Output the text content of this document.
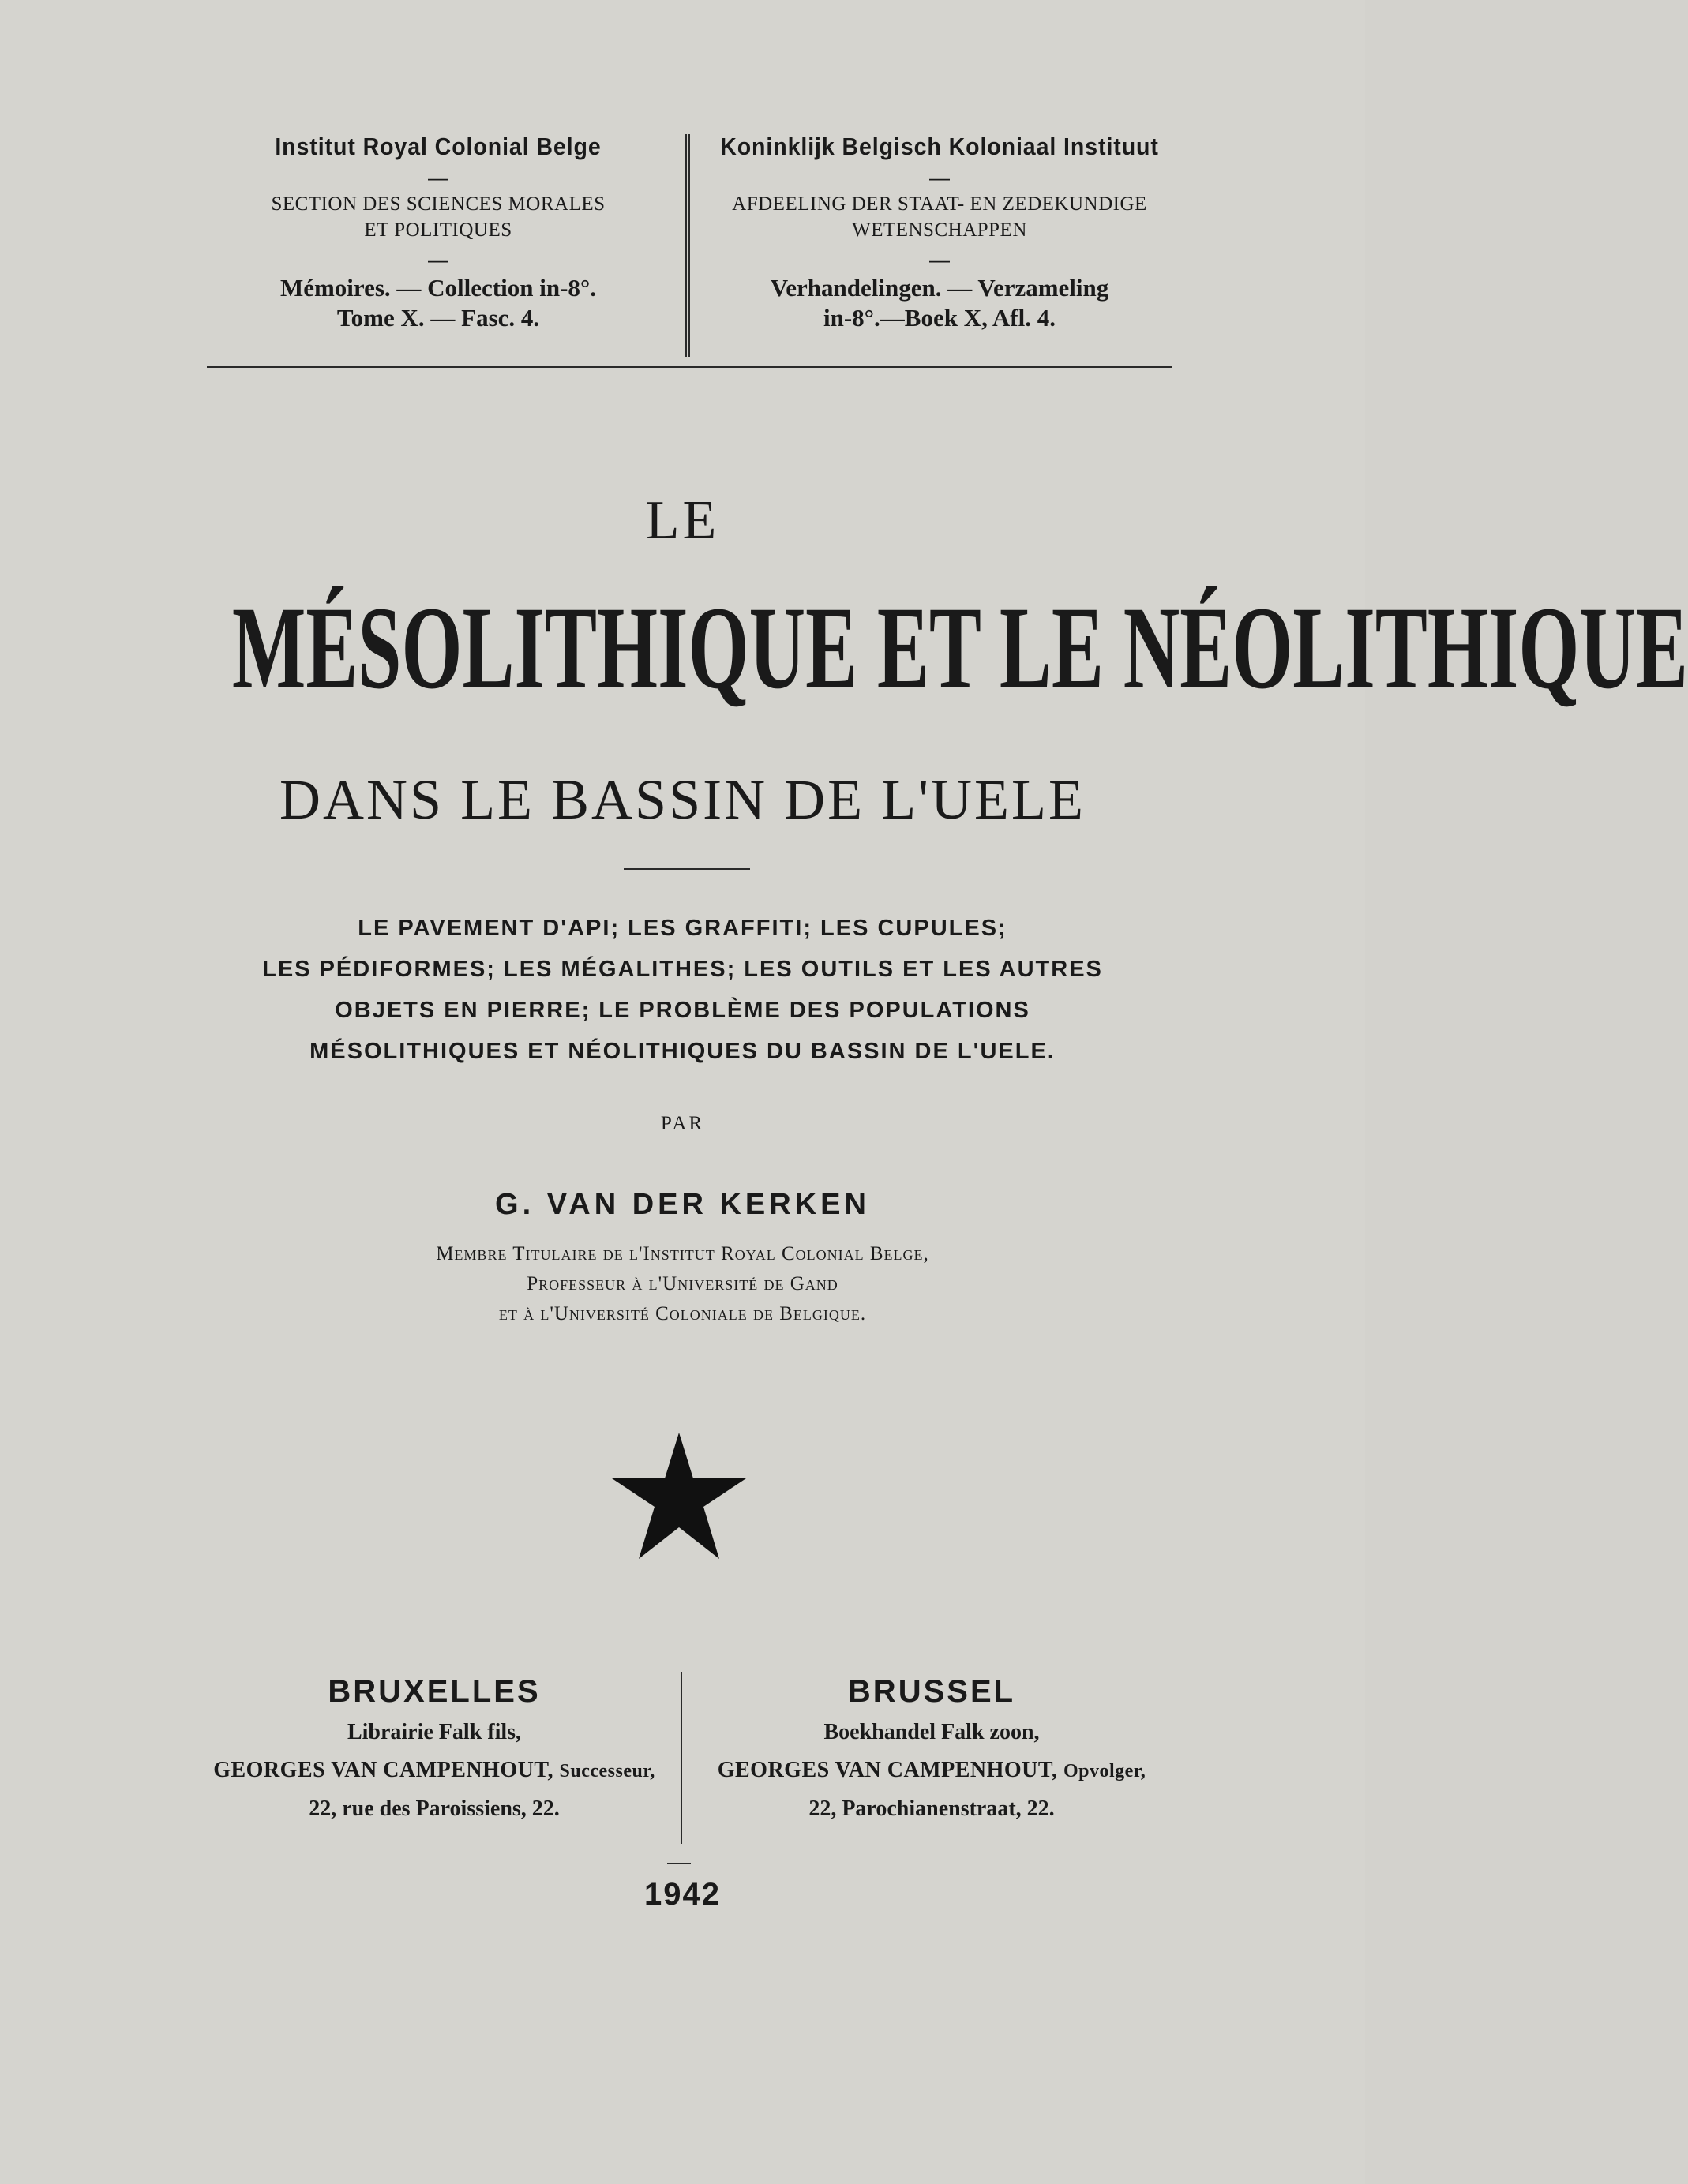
Institut Royal Colonial Belge
—
SECTION DES SCIENCES MORALES
ET POLITIQUES
—
Mémoires. — Collection in-8°.
Tome X. — Fasc. 4.
Koninklijk Belgisch Koloniaal Instituut
—
AFDEELING DER STAAT- EN ZEDEKUNDIGE
WETENSCHAPPEN
—
Verhandelingen. — Verzameling
in-8°.—Boek X, Afl. 4.
LE
MÉSOLITHIQUE ET LE NÉOLITHIQUE
DANS LE BASSIN DE L'UELE
LE PAVEMENT D'API; LES GRAFFITI; LES CUPULES;
LES PÉDIFORMES; LES MÉGALITHES; LES OUTILS ET LES AUTRES
OBJETS EN PIERRE; LE PROBLÈME DES POPULATIONS
MÉSOLITHIQUES ET NÉOLITHIQUES DU BASSIN DE L'UELE.
PAR
G. VAN DER KERKEN
Membre Titulaire de l'Institut Royal Colonial Belge,
Professeur à l'Université de Gand
et à l'Université Coloniale de Belgique.
BRUXELLES
Librairie Falk fils,
GEORGES VAN CAMPENHOUT, Successeur,
22, rue des Paroissiens, 22.
BRUSSEL
Boekhandel Falk zoon,
GEORGES VAN CAMPENHOUT, Opvolger,
22, Parochianenstraat, 22.
1942
